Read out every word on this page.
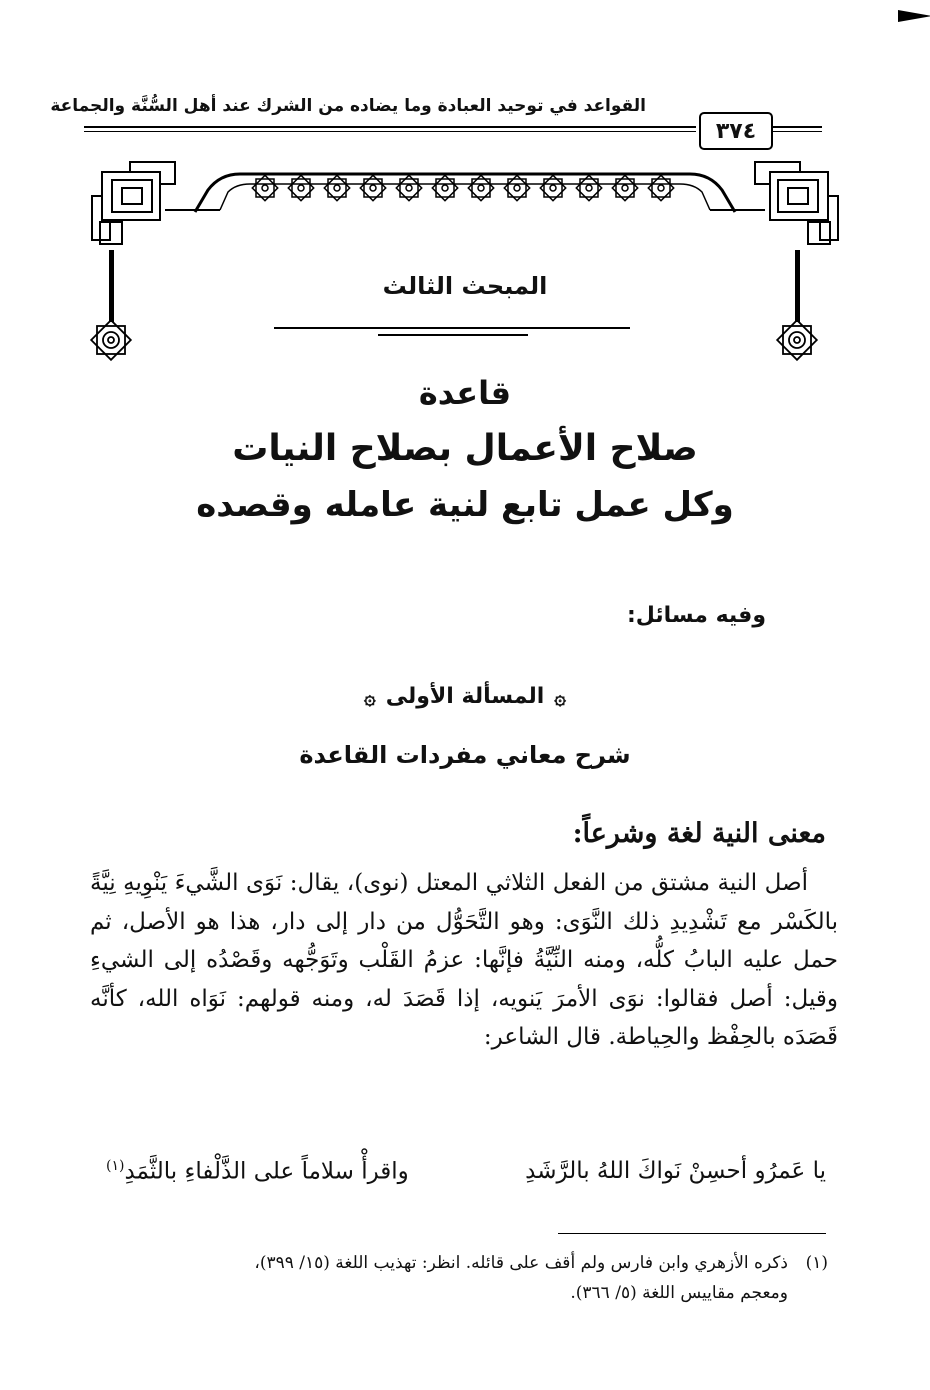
القواعد في توحيد العبادة وما يضاده من الشرك عند أهل السُّنَّة والجماعة
٣٧٤
المبحث الثالث
قاعدة
صلاح الأعمال بصلاح النيات
وكل عمل تابع لنية عامله وقصده
وفيه مسائل:
۞
المسألة الأولى
۞
شرح معاني مفردات القاعدة
معنى النية لغة وشرعاً:
أصل النية مشتق من الفعل الثلاثي المعتل (نوى)، يقال: نَوَى الشَّيءَ يَنْوِيهِ نِيَّةً بالكَسْر مع تَشْدِيدِ ذلك النَّوَى: وهو التَّحَوُّل من دار إلى دار، هذا هو الأصل، ثم حمل عليه البابُ كلُّه، ومنه النِّيَّةُ فإنَّها: عزمُ القَلْب وتَوَجُّهه وقَصْدُه إلى الشيءِ وقيل: أصل فقالوا: نوَى الأمرَ يَنويه، إذا قَصَدَ له، ومنه قولهم: نَوَاه الله، كأنَّه قَصَدَه بالحِفْظ والحِياطة. قال الشاعر:
يا عَمرُو أحسِنْ نَواكَ اللهُ بالرَّشَدِ
واقرأْ سلاماً على الذَّلْفاءِ بالثَّمَدِ$^{(١)}$
(١)ذكره الأزهري وابن فارس ولم أقف على قائله. انظر: تهذيب اللغة (١٥/ ٣٩٩)،
ومعجم مقاييس اللغة (٥/ ٣٦٦).
